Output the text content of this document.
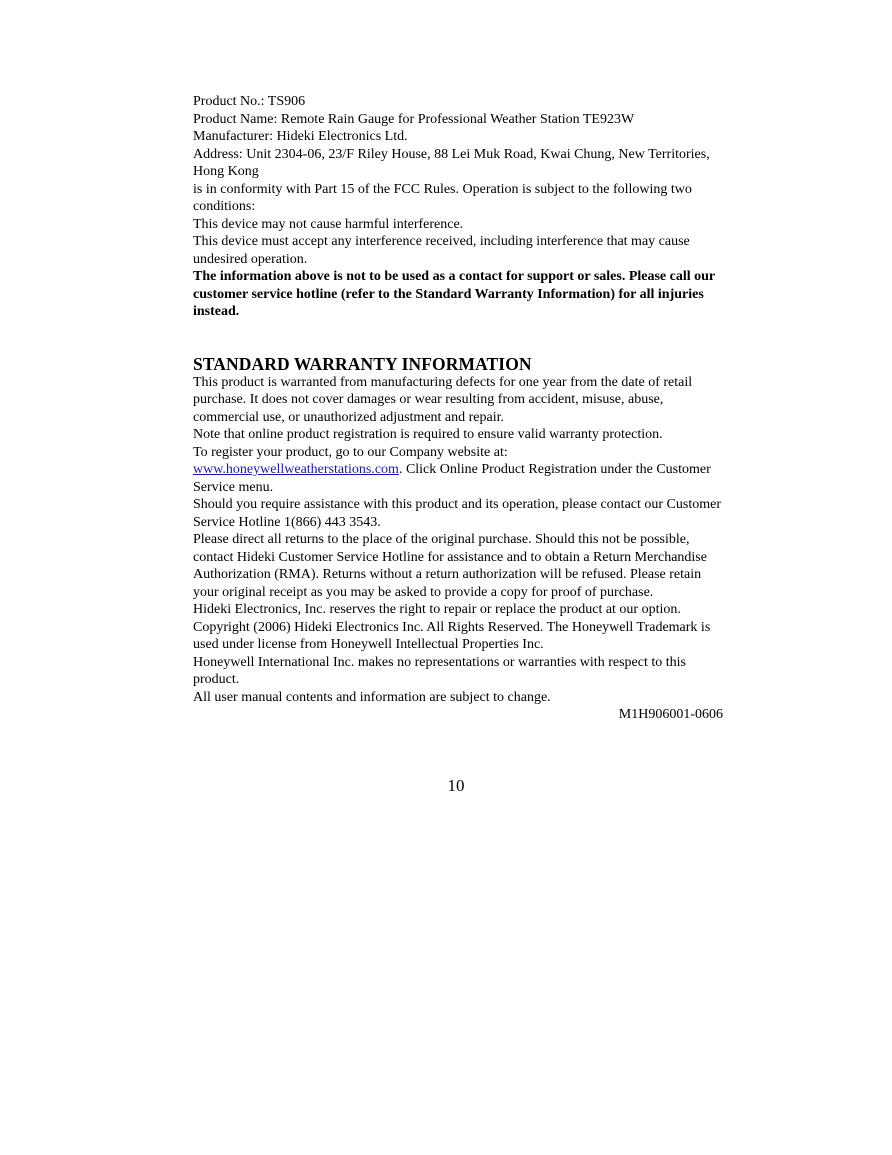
Product No.: TS906

Product Name: Remote Rain Gauge for Professional Weather Station TE923W

Manufacturer: Hideki Electronics Ltd.

Address: Unit 2304-06, 23/F Riley House, 88 Lei Muk Road, Kwai Chung, New Territories, Hong Kong

is in conformity with Part 15 of the FCC Rules. Operation is subject to the following two conditions:

This device may not cause harmful interference.

This device must accept any interference received, including interference that may cause undesired operation.

The information above is not to be used as a contact for support or sales. Please call our customer service hotline (refer to the Standard Warranty Information) for all injuries instead.

STANDARD WARRANTY INFORMATION

This product is warranted from manufacturing defects for one year from the date of retail purchase. It does not cover damages or wear resulting from accident, misuse, abuse, commercial use, or unauthorized adjustment and repair.

Note that online product registration is required to ensure valid warranty protection.

To register your product, go to our Company website at:

www.honeywellweatherstations.com. Click Online Product Registration under the Customer Service menu.

Should you require assistance with this product and its operation, please contact our Customer Service Hotline 1(866) 443 3543.

Please direct all returns to the place of the original purchase. Should this not be possible, contact Hideki Customer Service Hotline for assistance and to obtain a Return Merchandise Authorization (RMA). Returns without a return authorization will be refused. Please retain your original receipt as you may be asked to provide a copy for proof of purchase.

Hideki Electronics, Inc. reserves the right to repair or replace the product at our option.

Copyright (2006) Hideki Electronics Inc. All Rights Reserved. The Honeywell Trademark is used under license from Honeywell Intellectual Properties Inc.

Honeywell International Inc. makes no representations or warranties with respect to this product.

All user manual contents and information are subject to change.

M1H906001-0606

10
